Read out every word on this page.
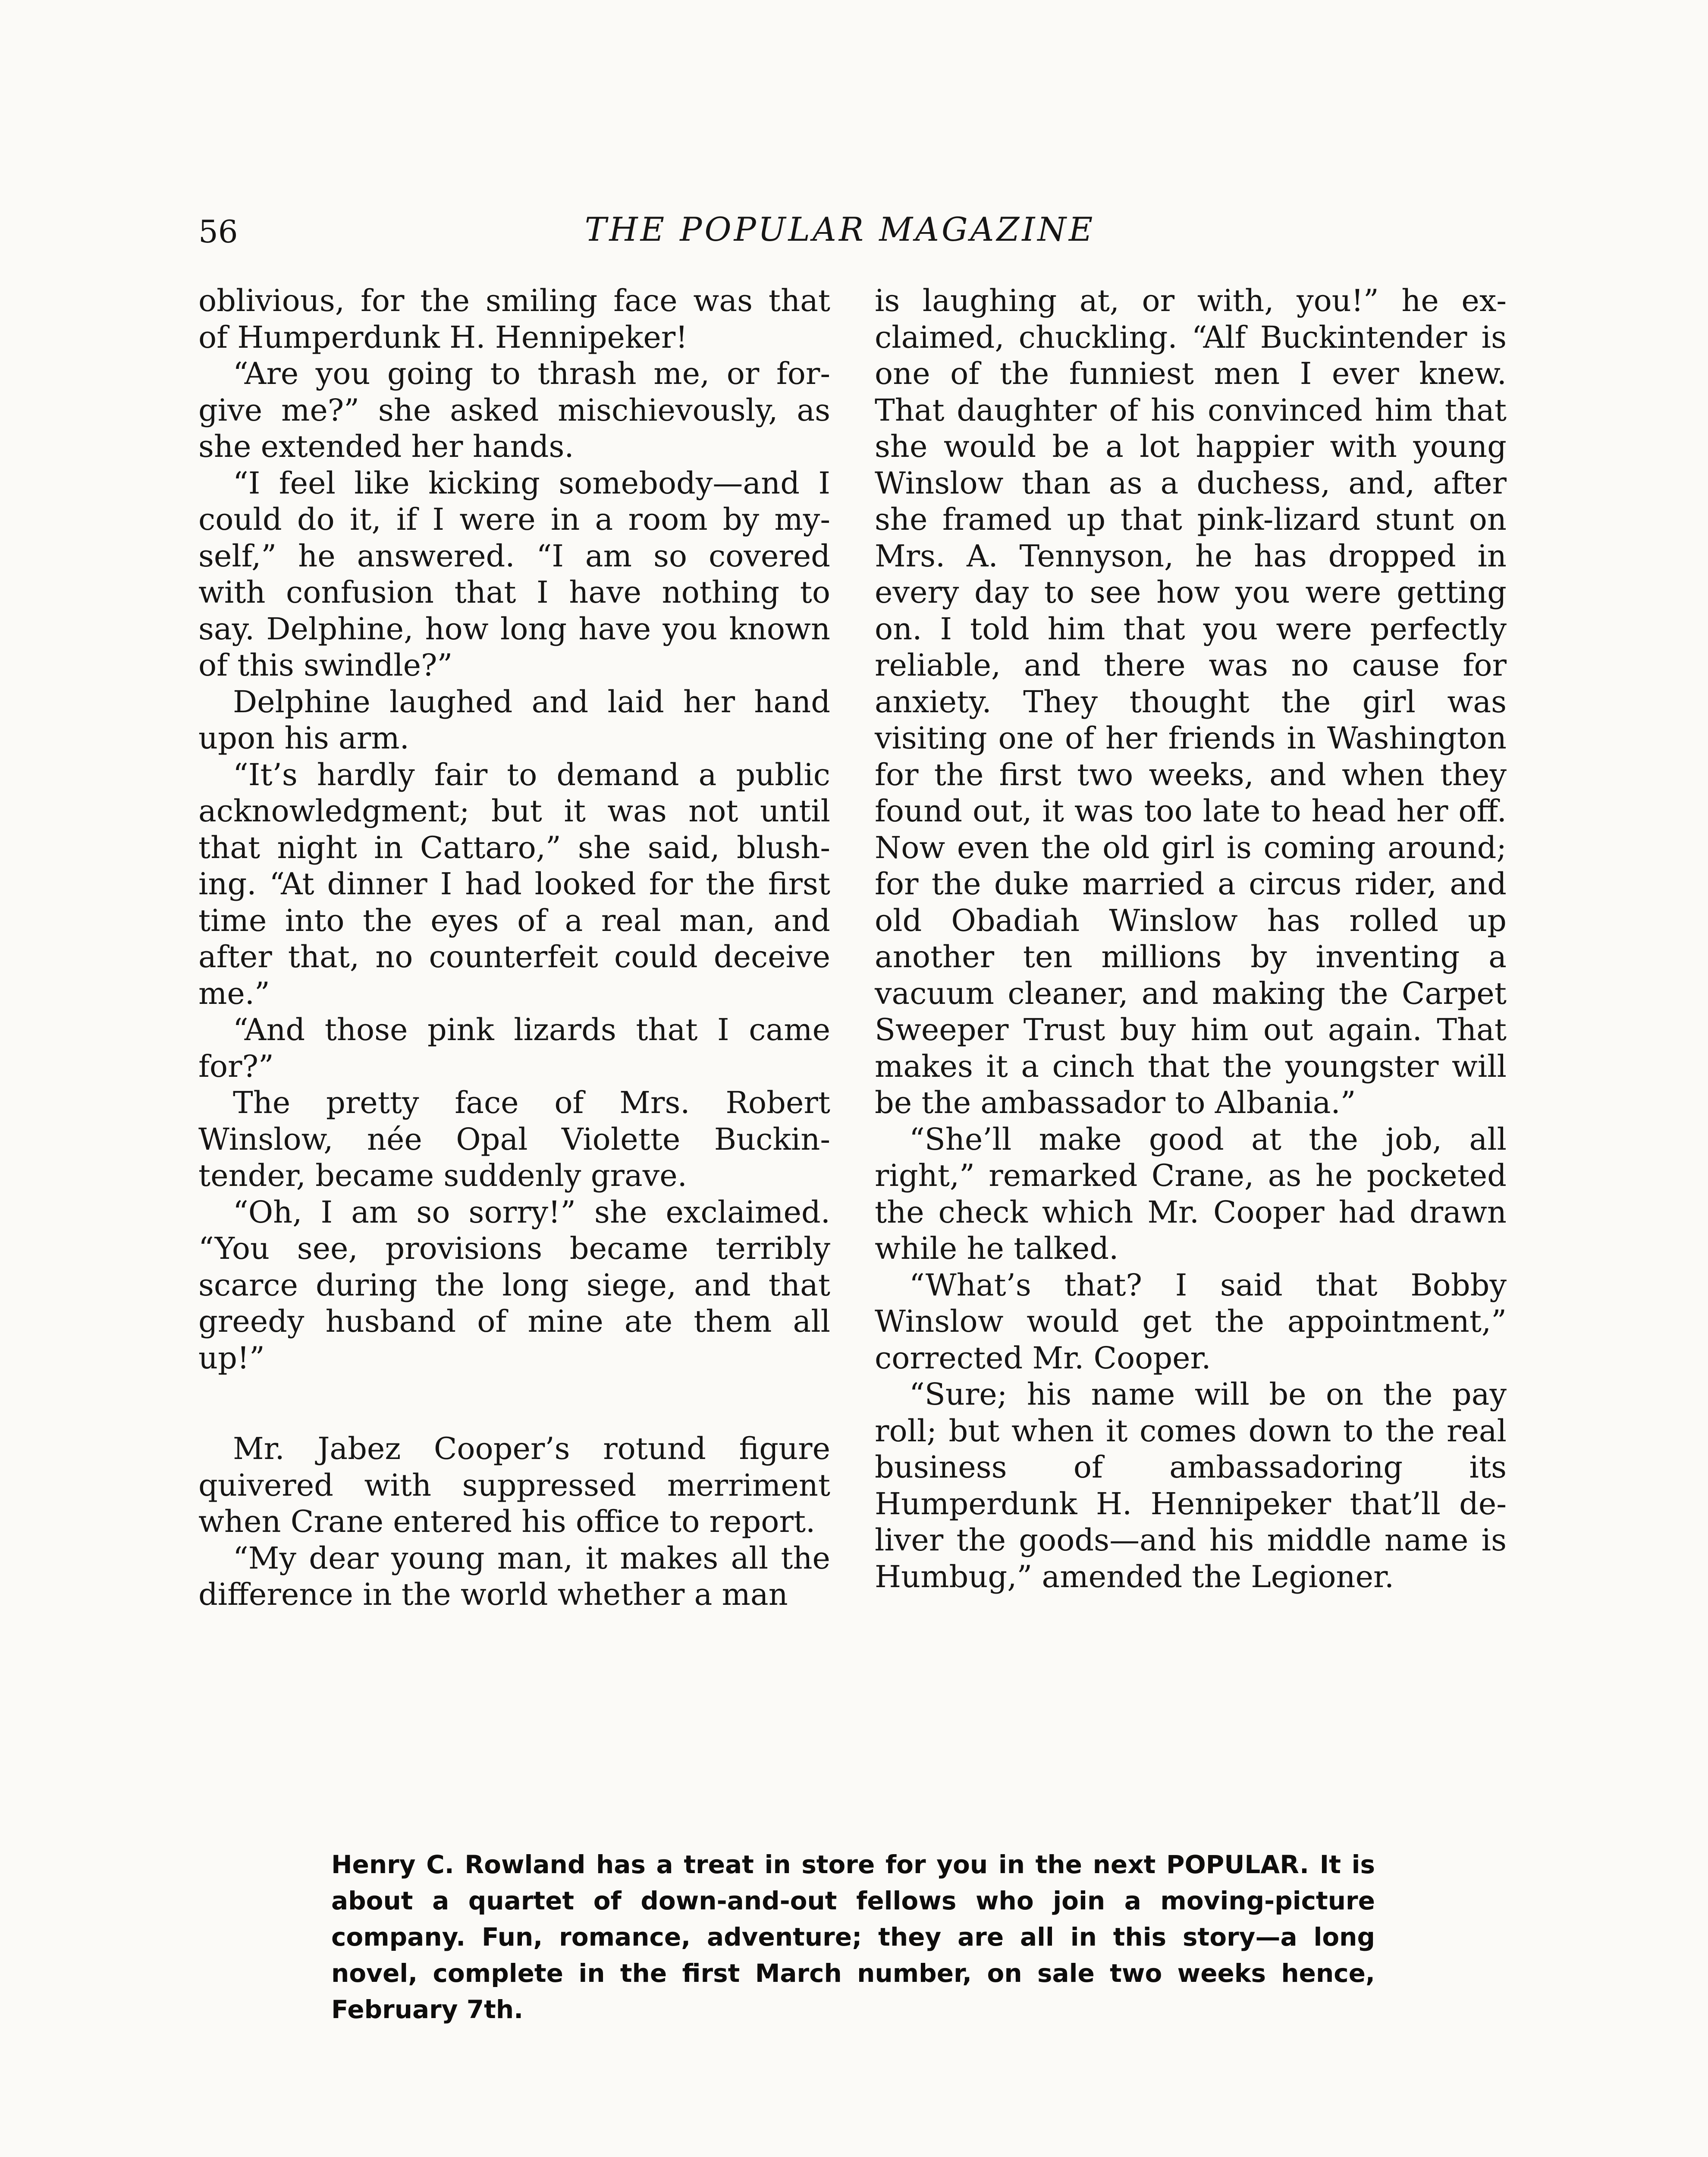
56	THE POPULAR MAGAZINE

oblivious, for the smiling face was that of Humperdunk H. Hennipeker!

“Are you going to thrash me, or forgive me?” she asked mischievously, as she extended her hands.

“I feel like kicking somebody—and I could do it, if I were in a room by myself,” he answered. “I am so covered with confusion that I have nothing to say. Delphine, how long have you known of this swindle?”

Delphine laughed and laid her hand upon his arm.

“It’s hardly fair to demand a public acknowledgment; but it was not until that night in Cattaro,” she said, blushing. “At dinner I had looked for the first time into the eyes of a real man, and after that, no counterfeit could deceive me.”

“And those pink lizards that I came for?”

The pretty face of Mrs. Robert Winslow, née Opal Violette Buckintender, became suddenly grave.

“Oh, I am so sorry!” she exclaimed. “You see, provisions became terribly scarce during the long siege, and that greedy husband of mine ate them all up!”

Mr. Jabez Cooper’s rotund figure quivered with suppressed merriment when Crane entered his office to report.

“My dear young man, it makes all the difference in the world whether a man

is laughing at, or with, you!” he exclaimed, chuckling. “Alf Buckintender is one of the funniest men I ever knew. That daughter of his convinced him that she would be a lot happier with young Winslow than as a duchess, and, after she framed up that pink-lizard stunt on Mrs. A. Tennyson, he has dropped in every day to see how you were getting on. I told him that you were perfectly reliable, and there was no cause for anxiety. They thought the girl was visiting one of her friends in Washington for the first two weeks, and when they found out, it was too late to head her off. Now even the old girl is coming around; for the duke married a circus rider, and old Obadiah Winslow has rolled up another ten millions by inventing a vacuum cleaner, and making the Carpet Sweeper Trust buy him out again. That makes it a cinch that the youngster will be the ambassador to Albania.”

“She’ll make good at the job, all right,” remarked Crane, as he pocketed the check which Mr. Cooper had drawn while he talked.

“What’s that? I said that Bobby Winslow would get the appointment,” corrected Mr. Cooper.

“Sure; his name will be on the pay roll; but when it comes down to the real business of ambassadoring its Humperdunk H. Hennipeker that’ll deliver the goods—and his middle name is Humbug,” amended the Legioner.

Henry C. Rowland has a treat in store for you in the next POPULAR. It is about a quartet of down-and-out fellows who join a moving-picture company. Fun, romance, adventure; they are all in this story—a long novel, complete in the first March number, on sale two weeks hence, February 7th.
